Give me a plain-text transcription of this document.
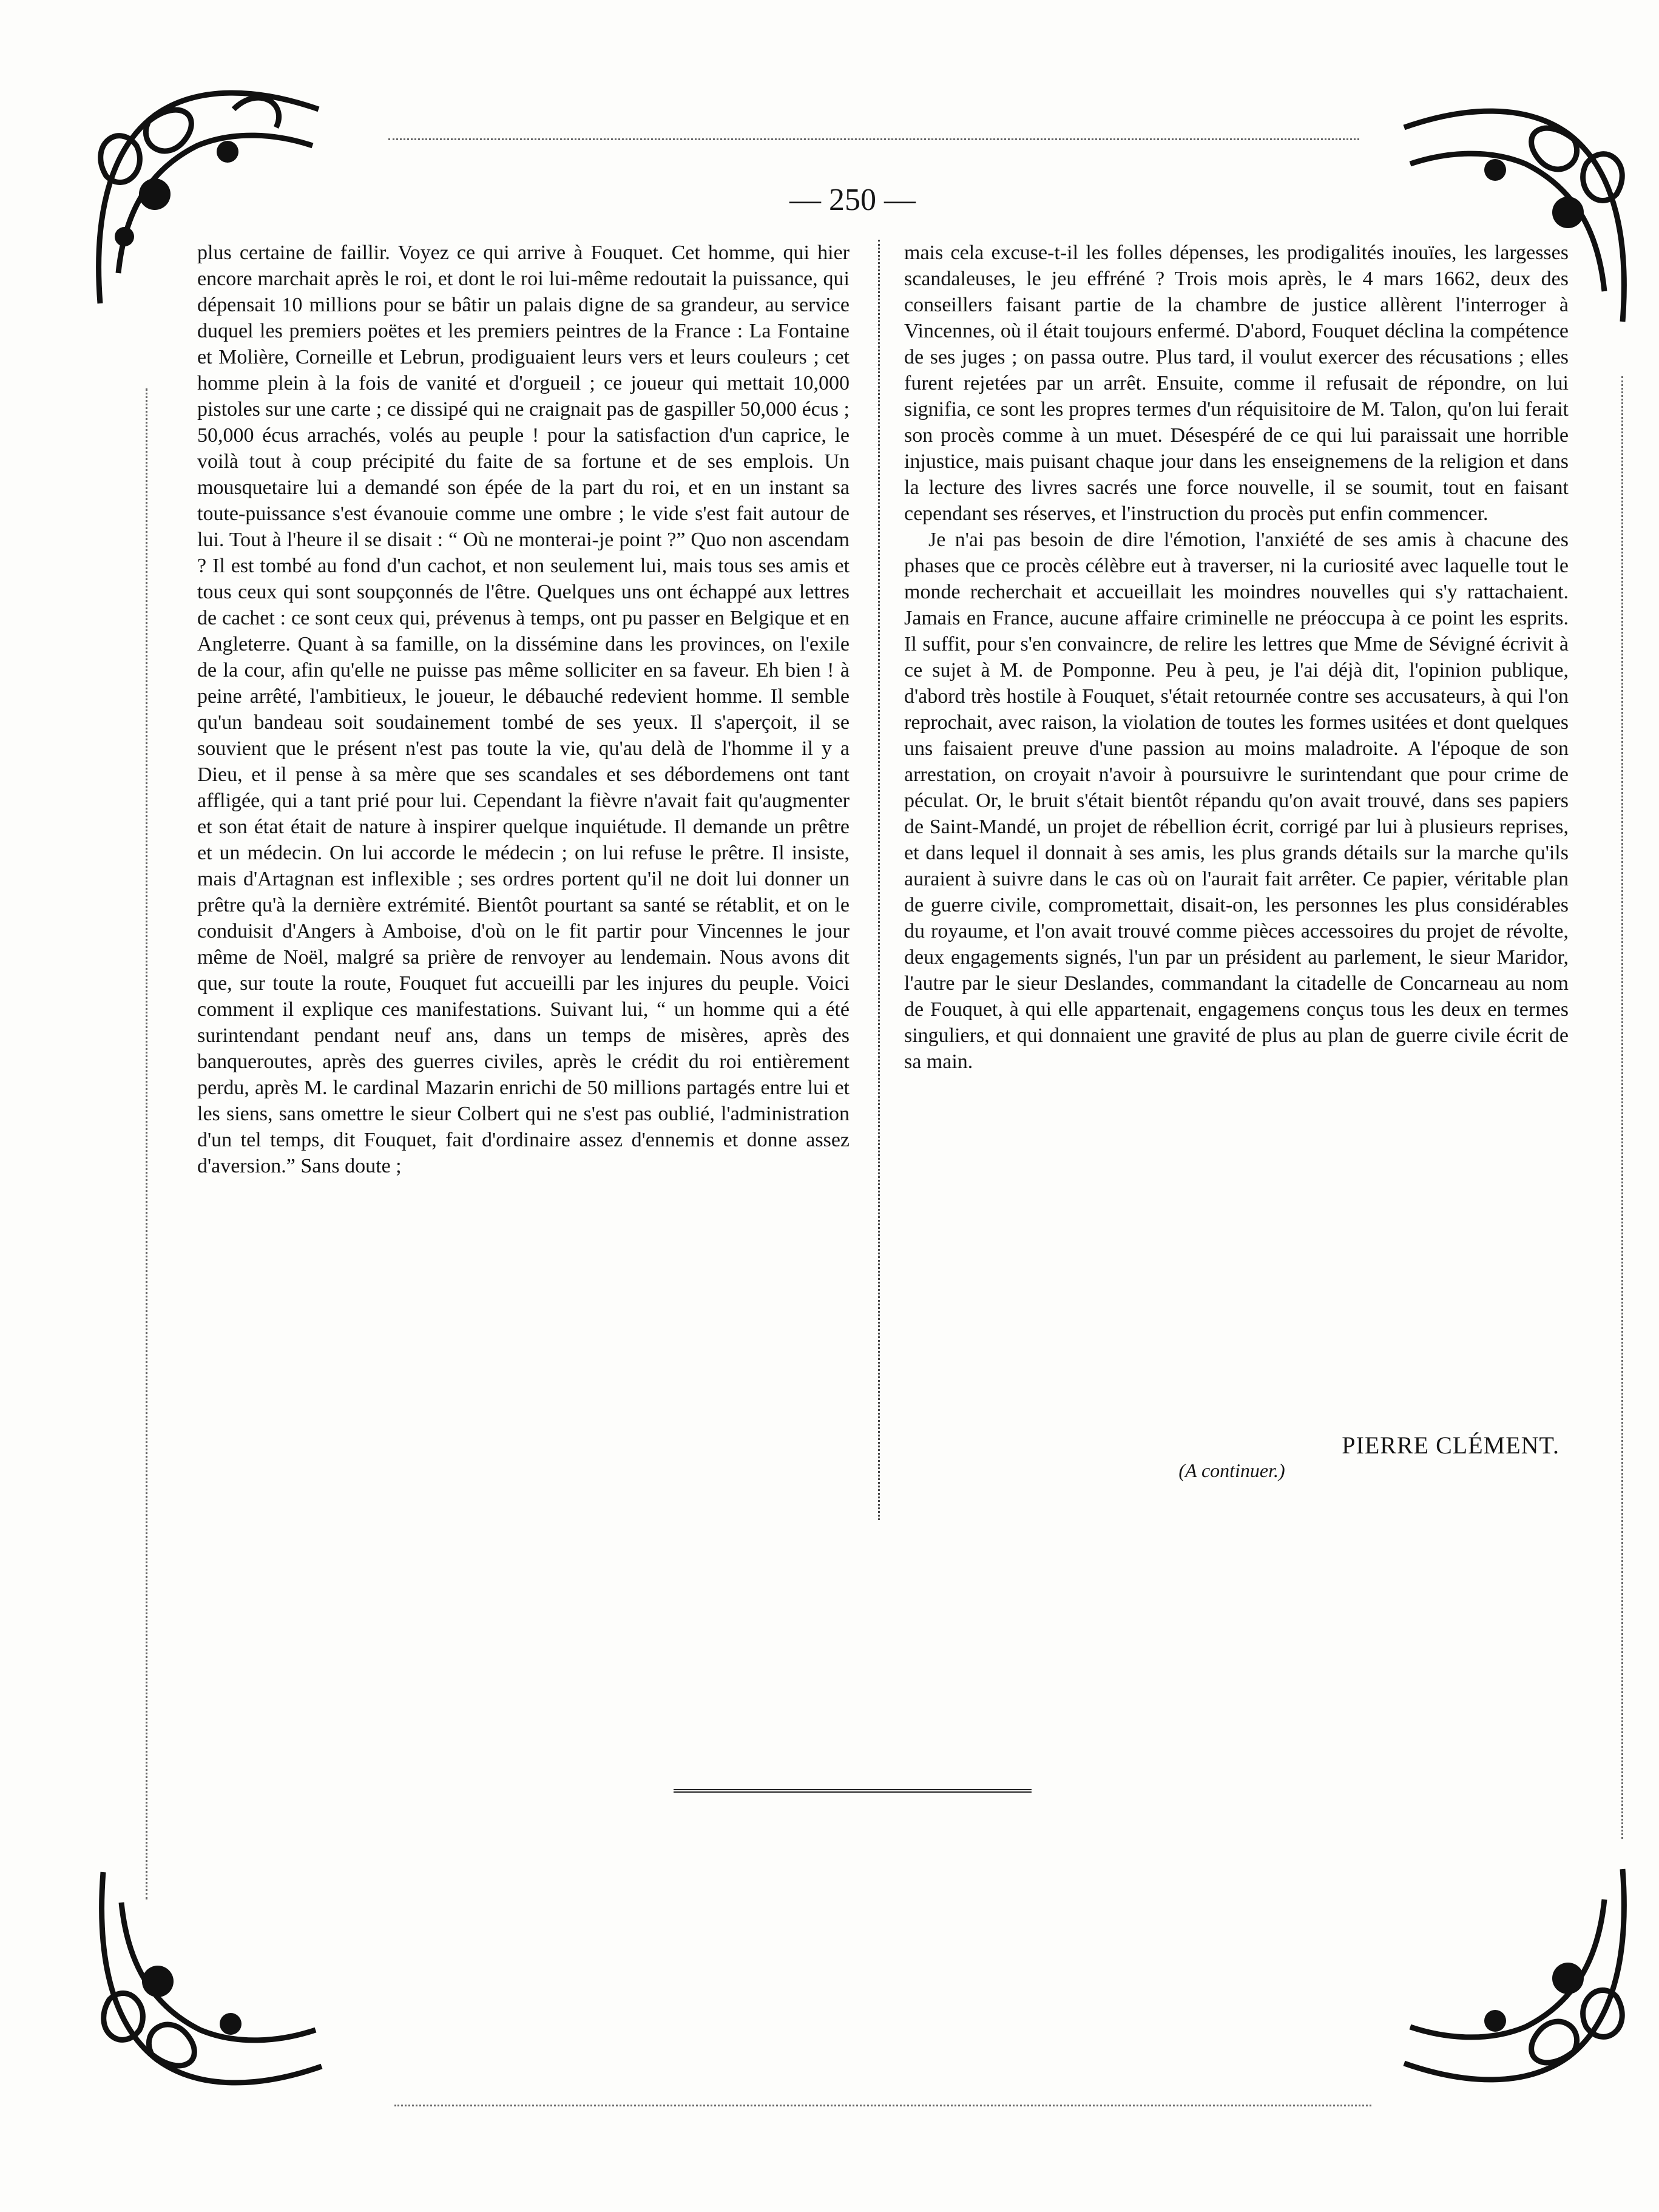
— 250 —

plus certaine de faillir. Voyez ce qui arrive à Fouquet. Cet homme, qui hier encore marchait après le roi, et dont le roi lui-même redoutait la puissance, qui dépensait 10 millions pour se bâtir un palais digne de sa grandeur, au service duquel les premiers poëtes et les premiers peintres de la France : La Fontaine et Molière, Corneille et Lebrun, prodiguaient leurs vers et leurs couleurs ; cet homme plein à la fois de vanité et d'orgueil ; ce joueur qui mettait 10,000 pistoles sur une carte ; ce dissipé qui ne craignait pas de gaspiller 50,000 écus ; 50,000 écus arrachés, volés au peuple ! pour la satisfaction d'un caprice, le voilà tout à coup précipité du faite de sa fortune et de ses emplois. Un mousquetaire lui a demandé son épée de la part du roi, et en un instant sa toute-puissance s'est évanouie comme une ombre ; le vide s'est fait autour de lui. Tout à l'heure il se disait : “ Où ne monterai-je point ?” Quo non ascendam ? Il est tombé au fond d'un cachot, et non seulement lui, mais tous ses amis et tous ceux qui sont soupçonnés de l'être. Quelques uns ont échappé aux lettres de cachet : ce sont ceux qui, prévenus à temps, ont pu passer en Belgique et en Angleterre. Quant à sa famille, on la dissémine dans les provinces, on l'exile de la cour, afin qu'elle ne puisse pas même solliciter en sa faveur. Eh bien ! à peine arrêté, l'ambitieux, le joueur, le débauché redevient homme. Il semble qu'un bandeau soit soudainement tombé de ses yeux. Il s'aperçoit, il se souvient que le présent n'est pas toute la vie, qu'au delà de l'homme il y a Dieu, et il pense à sa mère que ses scandales et ses débordemens ont tant affligée, qui a tant prié pour lui. Cependant la fièvre n'avait fait qu'augmenter et son état était de nature à inspirer quelque inquiétude. Il demande un prêtre et un médecin. On lui accorde le médecin ; on lui refuse le prêtre. Il insiste, mais d'Artagnan est inflexible ; ses ordres portent qu'il ne doit lui donner un prêtre qu'à la dernière extrémité. Bientôt pourtant sa santé se rétablit, et on le conduisit d'Angers à Amboise, d'où on le fit partir pour Vincennes le jour même de Noël, malgré sa prière de renvoyer au lendemain. Nous avons dit que, sur toute la route, Fouquet fut accueilli par les injures du peuple. Voici comment il explique ces manifestations. Suivant lui, “ un homme qui a été surintendant pendant neuf ans, dans un temps de misères, après des banqueroutes, après des guerres civiles, après le crédit du roi entièrement perdu, après M. le cardinal Mazarin enrichi de 50 millions partagés entre lui et les siens, sans omettre le sieur Colbert qui ne s'est pas oublié, l'administration d'un tel temps, dit Fouquet, fait d'ordinaire assez d'ennemis et donne assez d'aversion.” Sans doute ;

mais cela excuse-t-il les folles dépenses, les prodigalités inouïes, les largesses scandaleuses, le jeu effréné ? Trois mois après, le 4 mars 1662, deux des conseillers faisant partie de la chambre de justice allèrent l'interroger à Vincennes, où il était toujours enfermé. D'abord, Fouquet déclina la compétence de ses juges ; on passa outre. Plus tard, il voulut exercer des récusations ; elles furent rejetées par un arrêt. Ensuite, comme il refusait de répondre, on lui signifia, ce sont les propres termes d'un réquisitoire de M. Talon, qu'on lui ferait son procès comme à un muet. Désespéré de ce qui lui paraissait une horrible injustice, mais puisant chaque jour dans les enseignemens de la religion et dans la lecture des livres sacrés une force nouvelle, il se soumit, tout en faisant cependant ses réserves, et l'instruction du procès put enfin commencer.

Je n'ai pas besoin de dire l'émotion, l'anxiété de ses amis à chacune des phases que ce procès célèbre eut à traverser, ni la curiosité avec laquelle tout le monde recherchait et accueillait les moindres nouvelles qui s'y rattachaient. Jamais en France, aucune affaire criminelle ne préoccupa à ce point les esprits. Il suffit, pour s'en convaincre, de relire les lettres que Mme de Sévigné écrivit à ce sujet à M. de Pomponne. Peu à peu, je l'ai déjà dit, l'opinion publique, d'abord très hostile à Fouquet, s'était retournée contre ses accusateurs, à qui l'on reprochait, avec raison, la violation de toutes les formes usitées et dont quelques uns faisaient preuve d'une passion au moins maladroite. A l'époque de son arrestation, on croyait n'avoir à poursuivre le surintendant que pour crime de péculat. Or, le bruit s'était bientôt répandu qu'on avait trouvé, dans ses papiers de Saint-Mandé, un projet de rébellion écrit, corrigé par lui à plusieurs reprises, et dans lequel il donnait à ses amis, les plus grands détails sur la marche qu'ils auraient à suivre dans le cas où on l'aurait fait arrêter. Ce papier, véritable plan de guerre civile, compromettait, disait-on, les personnes les plus considérables du royaume, et l'on avait trouvé comme pièces accessoires du projet de révolte, deux engagements signés, l'un par un président au parlement, le sieur Maridor, l'autre par le sieur Deslandes, commandant la citadelle de Concarneau au nom de Fouquet, à qui elle appartenait, engagemens conçus tous les deux en termes singuliers, et qui donnaient une gravité de plus au plan de guerre civile écrit de sa main.

PIERRE CLÉMENT.
(A continuer.)
